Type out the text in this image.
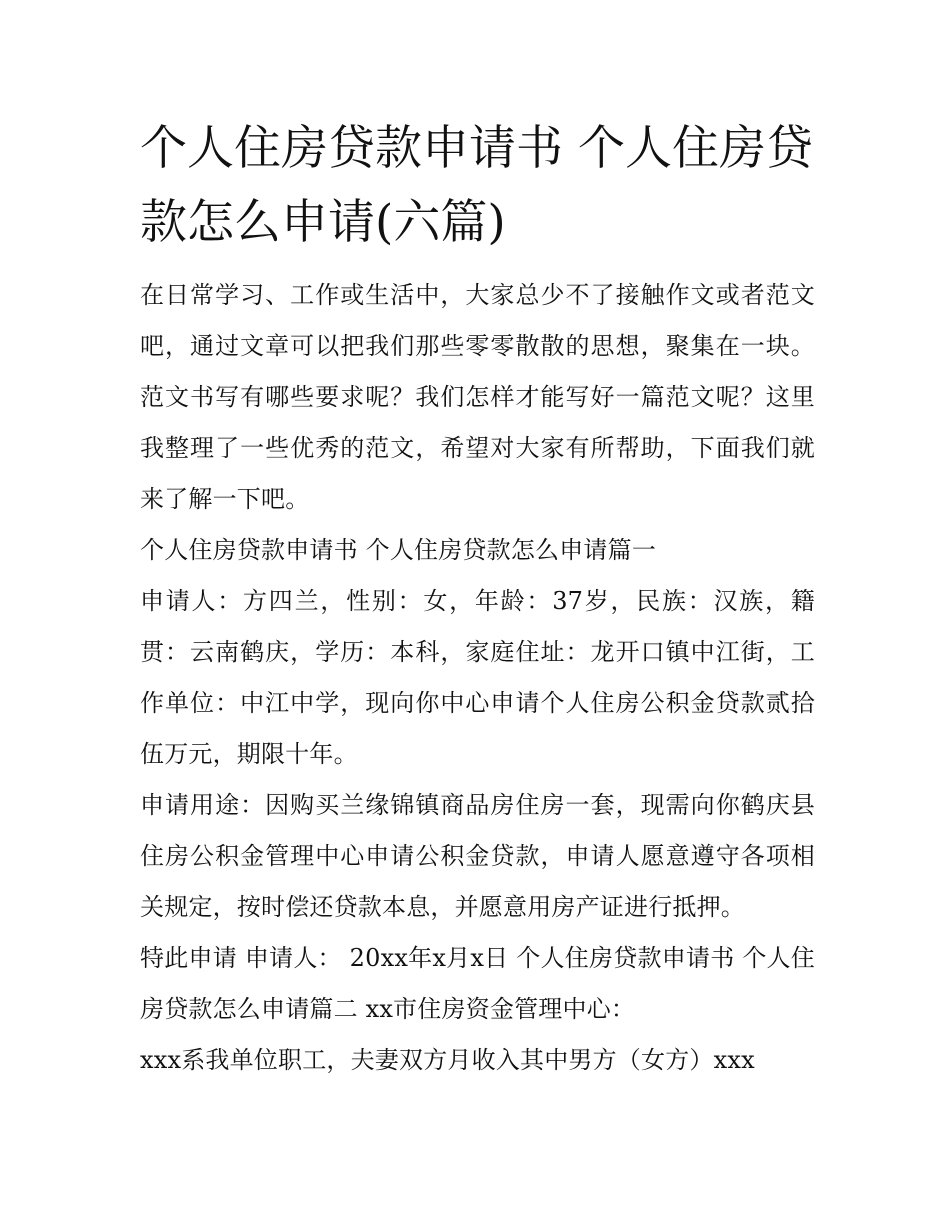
个人住房贷款申请书 个人住房贷款怎么申请(六篇)

在日常学习、工作或生活中，大家总少不了接触作文或者范文吧，通过文章可以把我们那些零零散散的思想，聚集在一块。范文书写有哪些要求呢？我们怎样才能写好一篇范文呢？这里我整理了一些优秀的范文，希望对大家有所帮助，下面我们就来了解一下吧。

个人住房贷款申请书 个人住房贷款怎么申请篇一

申请人：方四兰，性别：女，年龄：37岁，民族：汉族，籍贯：云南鹤庆，学历：本科，家庭住址：龙开口镇中江街，工作单位：中江中学，现向你中心申请个人住房公积金贷款贰拾伍万元，期限十年。

申请用途：因购买兰缘锦镇商品房住房一套，现需向你鹤庆县住房公积金管理中心申请公积金贷款，申请人愿意遵守各项相关规定，按时偿还贷款本息，并愿意用房产证进行抵押。

特此申请 申请人： 20xx年x月x日 个人住房贷款申请书 个人住房贷款怎么申请篇二 xx市住房资金管理中心：

xxx系我单位职工，夫妻双方月收入其中男方（女方）xxx
